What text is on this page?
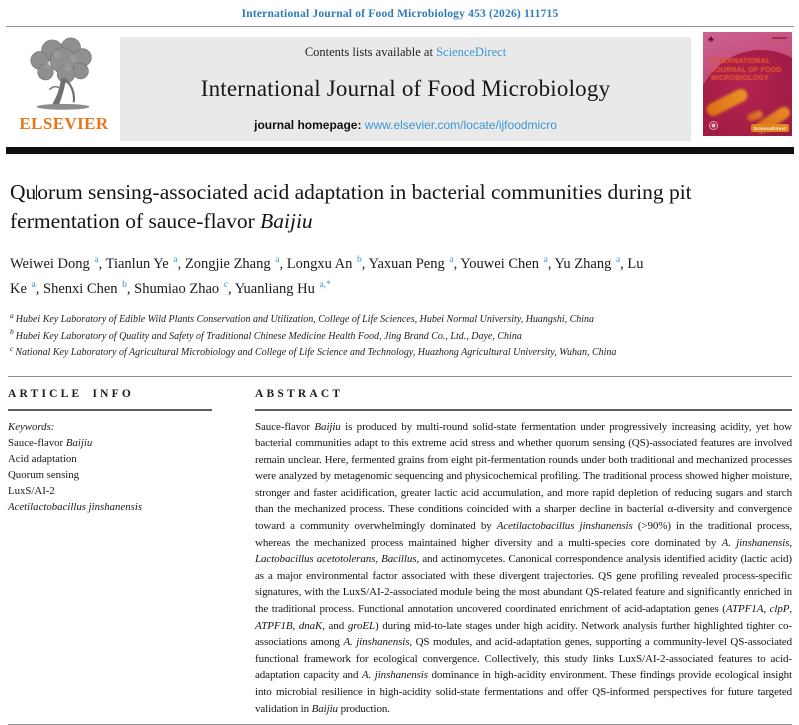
International Journal of Food Microbiology 453 (2026) 111715
ELSEVIER
Contents lists available at ScienceDirect
International Journal of Food Microbiology
journal homepage: www.elsevier.com/locate/ijfoodmicro
♣
INTERNATIONAL
JOURNAL OF FOOD
MICROBIOLOGY
ScienceDirect
Quorum sensing-associated acid adaptation in bacterial communities during pit fermentation of sauce-flavor Baijiu
Weiwei Dong $^a$, Tianlun Ye $^a$, Zongjie Zhang $^a$, Longxu An $^b$, Yaxuan Peng $^a$, Youwei Chen $^a$, Yu Zhang $^a$, Lu Ke $^a$, Shenxi Chen $^b$, Shumiao Zhao $^c$, Yuanliang Hu $^{a,*}$
$^a$ Hubei Key Laboratory of Edible Wild Plants Conservation and Utilization, College of Life Sciences, Hubei Normal University, Huangshi, China
$^b$ Hubei Key Laboratory of Quality and Safety of Traditional Chinese Medicine Health Food, Jing Brand Co., Ltd., Daye, China
$^c$ National Key Laboratory of Agricultural Microbiology and College of Life Science and Technology, Huazhong Agricultural University, Wuhan, China
ARTICLE INFO
Keywords:
Sauce-flavor Baijiu
Acid adaptation
Quorum sensing
LuxS/AI-2
Acetilactobacillus jinshanensis
ABSTRACT
Sauce-flavor Baijiu is produced by multi-round solid-state fermentation under progressively increasing acidity, yet how bacterial communities adapt to this extreme acid stress and whether quorum sensing (QS)-associated features are involved remain unclear. Here, fermented grains from eight pit-fermentation rounds under both traditional and mechanized processes were analyzed by metagenomic sequencing and physicochemical profiling. The traditional process showed higher moisture, stronger and faster acidification, greater lactic acid accumulation, and more rapid depletion of reducing sugars and starch than the mechanized process. These conditions coincided with a sharper decline in bacterial α-diversity and convergence toward a community overwhelmingly dominated by Acetilactobacillus jinshanensis (>90%) in the traditional process, whereas the mechanized process maintained higher diversity and a multi-species core dominated by A. jinshanensis, Lactobacillus acetotolerans, Bacillus, and actinomycetes. Canonical correspondence analysis identified acidity (lactic acid) as a major environmental factor associated with these divergent trajectories. QS gene profiling revealed process-specific signatures, with the LuxS/AI-2-associated module being the most abundant QS-related feature and significantly enriched in the traditional process. Functional annotation uncovered coordinated enrichment of acid-adaptation genes (ATPF1A, clpP, ATPF1B, dnaK, and groEL) during mid-to-late stages under high acidity. Network analysis further highlighted tighter co-associations among A. jinshanensis, QS modules, and acid-adaptation genes, supporting a community-level QS-associated functional framework for ecological convergence. Collectively, this study links LuxS/AI-2-associated features to acid-adaptation capacity and A. jinshanensis dominance in high-acidity environment. These findings provide ecological insight into microbial resilience in high-acidity solid-state fermentations and offer QS-informed perspectives for future targeted validation in Baijiu production.
